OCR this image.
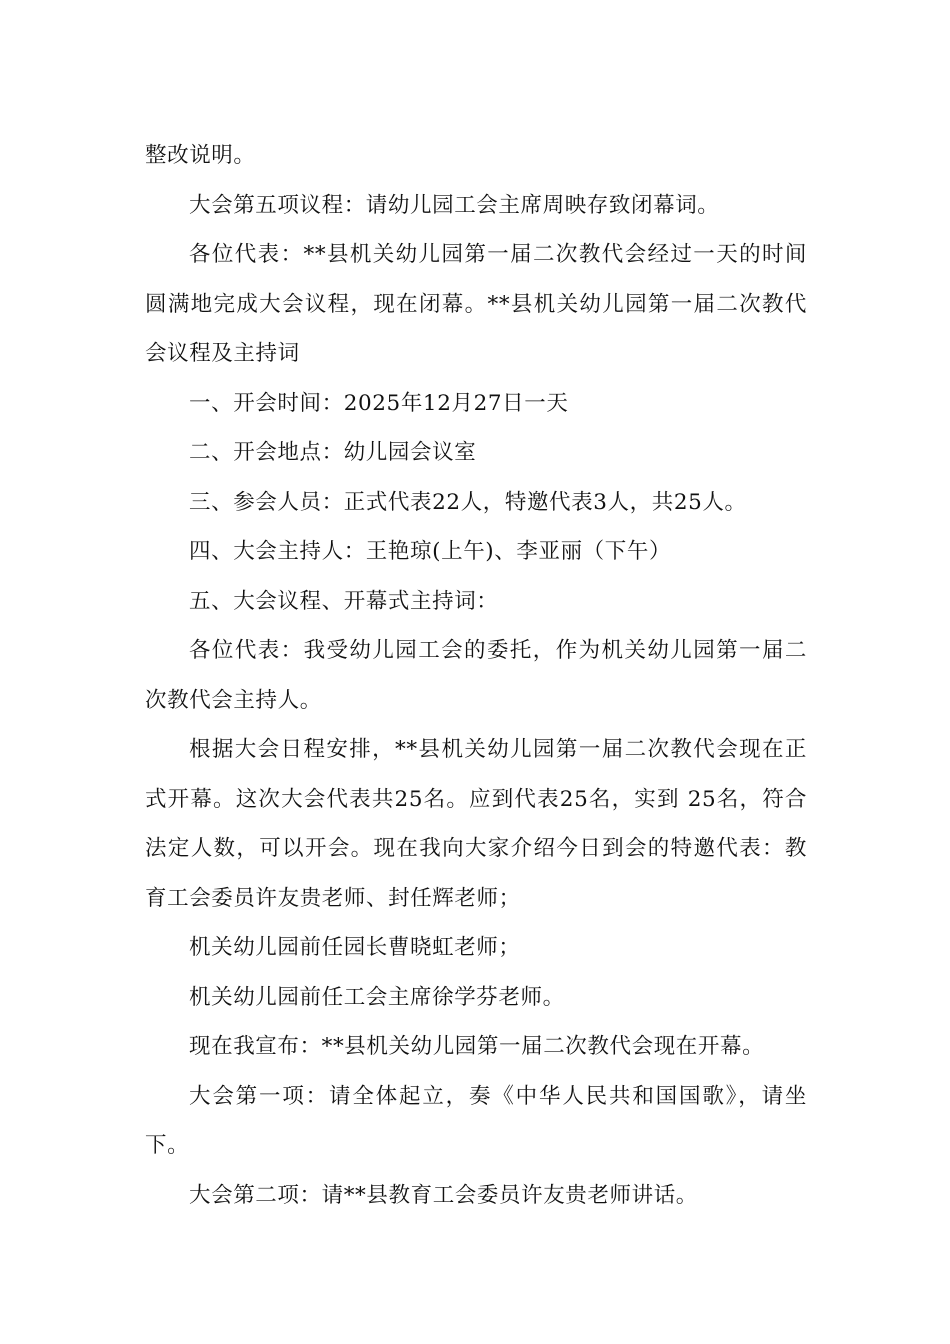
整改说明。

大会第五项议程：请幼儿园工会主席周映存致闭幕词。

各位代表：**县机关幼儿园第一届二次教代会经过一天的时间圆满地完成大会议程，现在闭幕。**县机关幼儿园第一届二次教代会议程及主持词

一、开会时间：2025年12月27日一天

二、开会地点：幼儿园会议室

三、参会人员：正式代表22人，特邀代表3人，共25人。

四、大会主持人：王艳琼(上午)、李亚丽（下午）

五、大会议程、开幕式主持词：

各位代表：我受幼儿园工会的委托，作为机关幼儿园第一届二次教代会主持人。

根据大会日程安排，**县机关幼儿园第一届二次教代会现在正式开幕。这次大会代表共25名。应到代表25名，实到 25名，符合法定人数，可以开会。现在我向大家介绍今日到会的特邀代表：教育工会委员许友贵老师、封任辉老师；

机关幼儿园前任园长曹晓虹老师；

机关幼儿园前任工会主席徐学芬老师。

现在我宣布：**县机关幼儿园第一届二次教代会现在开幕。

大会第一项：请全体起立，奏《中华人民共和国国歌》，请坐下。

大会第二项：请**县教育工会委员许友贵老师讲话。
